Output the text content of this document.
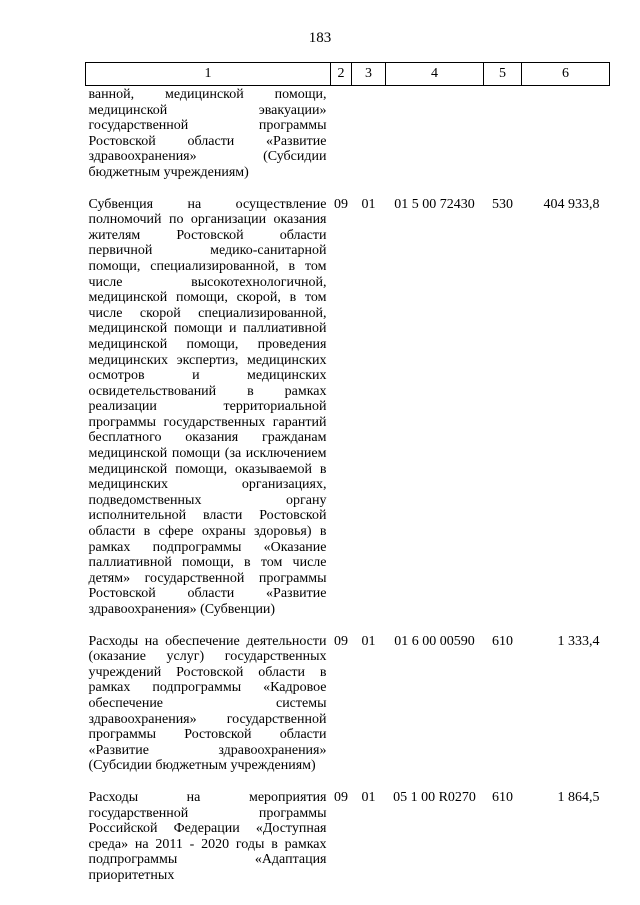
183
1	2	3	4	5	6
ванной, медицинской помощи, медицинской эвакуации» государственной программы Ростовской области «Развитие здравоохранения» (Субсидии бюджетным учреждениям)					
Субвенция на осуществление полномочий по организации оказания жителям Ростовской области первичной медико-санитарной помощи, специализированной, в том числе высокотехнологичной, медицинской помощи, скорой, в том числе скорой специализированной, медицинской помощи и паллиативной медицинской помощи, проведения медицинских экспертиз, медицинских осмотров и медицинских освидетельствований в рамках реализации территориальной программы государственных гарантий бесплатного оказания гражданам медицинской помощи (за исключением медицинской помощи, оказываемой в медицинских организациях, подведомственных органу исполнительной власти Ростовской области в сфере охраны здоровья) в рамках подпрограммы «Оказание паллиативной помощи, в том числе детям» государственной программы Ростовской области «Развитие здравоохранения» (Субвенции)	09	01	01 5 00 72430	530	404 933,8
Расходы на обеспечение деятельности (оказание услуг) государственных учреждений Ростовской области в рамках подпрограммы «Кадровое обеспечение системы здравоохранения» государственной программы Ростовской области «Развитие здравоохранения» (Субсидии бюджетным учреждениям)	09	01	01 6 00 00590	610	1 333,4
Расходы на мероприятия государственной программы Российской Федерации «Доступная среда» на 2011 - 2020 годы в рамках подпрограммы «Адаптация приоритетных	09	01	05 1 00 R0270	610	1 864,5
